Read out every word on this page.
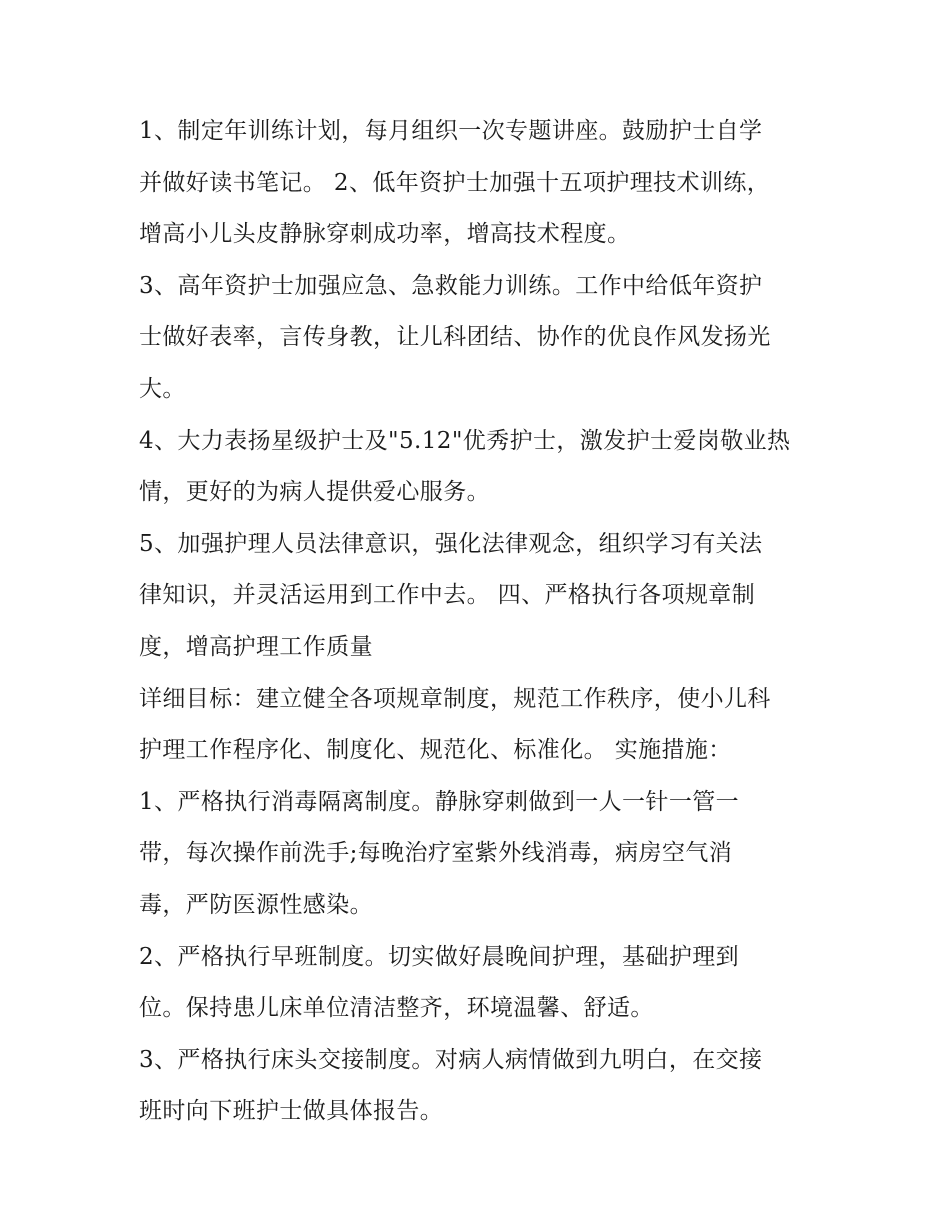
1、制定年训练计划，每月组织一次专题讲座。鼓励护士自学
并做好读书笔记。 2、低年资护士加强十五项护理技术训练，
增高小儿头皮静脉穿刺成功率，增高技术程度。
3、高年资护士加强应急、急救能力训练。工作中给低年资护
士做好表率，言传身教，让儿科团结、协作的优良作风发扬光
大。
4、大力表扬星级护士及"5.12"优秀护士，激发护士爱岗敬业热
情，更好的为病人提供爱心服务。
5、加强护理人员法律意识，强化法律观念，组织学习有关法
律知识，并灵活运用到工作中去。 四、严格执行各项规章制
度，增高护理工作质量
详细目标：建立健全各项规章制度，规范工作秩序，使小儿科
护理工作程序化、制度化、规范化、标准化。 实施措施：
1、严格执行消毒隔离制度。静脉穿刺做到一人一针一管一
带，每次操作前洗手;每晚治疗室紫外线消毒，病房空气消
毒，严防医源性感染。
2、严格执行早班制度。切实做好晨晚间护理，基础护理到
位。保持患儿床单位清洁整齐，环境温馨、舒适。
3、严格执行床头交接制度。对病人病情做到九明白，在交接
班时向下班护士做具体报告。
